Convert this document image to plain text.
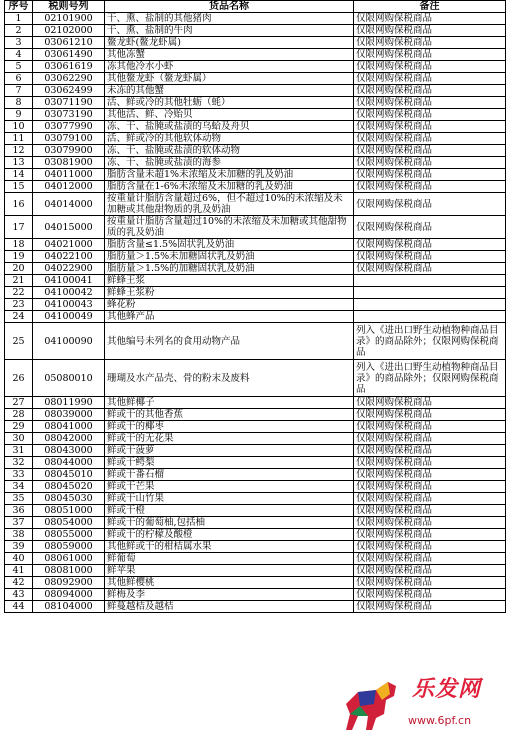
序号	税则号列	货品名称	备注
1	02101900	干、熏、盐制的其他猪肉	仅限网购保税商品
2	02102000	干、熏、盐制的牛肉	仅限网购保税商品
3	03061210	鳌龙虾(鳌龙虾属)	仅限网购保税商品
4	03061490	其他冻蟹	仅限网购保税商品
5	03061619	冻其他冷水小虾	仅限网购保税商品
6	03062290	其他鳌龙虾（鳌龙虾属）	仅限网购保税商品
7	03062499	未冻的其他蟹	仅限网购保税商品
8	03071190	活、鲜或冷的其他牡蛎（蚝）	仅限网购保税商品
9	03073190	其他活、鲜、冷贻贝	仅限网购保税商品
10	03077990	冻、干、盐腌或盐渍的乌蛤及舟贝	仅限网购保税商品
11	03079100	活、鲜或冷的其他软体动物	仅限网购保税商品
12	03079900	冻、干、盐腌或盐渍的软体动物	仅限网购保税商品
13	03081900	冻、干、盐腌或盐渍的海参	仅限网购保税商品
14	04011000	脂肪含量未超1%未浓缩及未加糖的乳及奶油	仅限网购保税商品
15	04012000	脂肪含量在1-6%未浓缩及未加糖的乳及奶油	仅限网购保税商品
16	04014000	按重量计脂肪含量超过6%，但不超过10%的未浓缩及未加糖或其他甜物质的乳及奶油	仅限网购保税商品
17	04015000	按重量计脂肪含量超过10%的未浓缩及未加糖或其他甜物质的乳及奶油	仅限网购保税商品
18	04021000	脂肪含量≤1.5%固状乳及奶油	仅限网购保税商品
19	04022100	脂肪量＞1.5%未加糖固状乳及奶油	仅限网购保税商品
20	04022900	脂肪量＞1.5%的加糖固状乳及奶油	仅限网购保税商品
21	04100041	鲜蜂王浆	
22	04100042	鲜蜂王浆粉	
23	04100043	蜂花粉	
24	04100049	其他蜂产品	
25	04100090	其他编号未列名的食用动物产品	列入《进出口野生动植物种商品目录》的商品除外；仅限网购保税商品
26	05080010	珊瑚及水产品壳、骨的粉末及废料	列入《进出口野生动植物种商品目录》的商品除外；仅限网购保税商品
27	08011990	其他鲜椰子	仅限网购保税商品
28	08039000	鲜或干的其他香蕉	仅限网购保税商品
29	08041000	鲜或干的椰枣	仅限网购保税商品
30	08042000	鲜或干的无花果	仅限网购保税商品
31	08043000	鲜或干菠萝	仅限网购保税商品
32	08044000	鲜或干鳄梨	仅限网购保税商品
33	08045010	鲜或干番石榴	仅限网购保税商品
34	08045020	鲜或干芒果	仅限网购保税商品
35	08045030	鲜或干山竹果	仅限网购保税商品
36	08051000	鲜或干橙	仅限网购保税商品
37	08054000	鲜或干的葡萄柚,包括柚	仅限网购保税商品
38	08055000	鲜或干的柠檬及酸橙	仅限网购保税商品
39	08059000	其他鲜或干的柑桔属水果	仅限网购保税商品
40	08061000	鲜葡萄	仅限网购保税商品
41	08081000	鲜苹果	仅限网购保税商品
42	08092900	其他鲜樱桃	仅限网购保税商品
43	08094000	鲜梅及李	仅限网购保税商品
44	08104000	鲜蔓越桔及越桔	仅限网购保税商品
乐发网
www.6pf.cn
